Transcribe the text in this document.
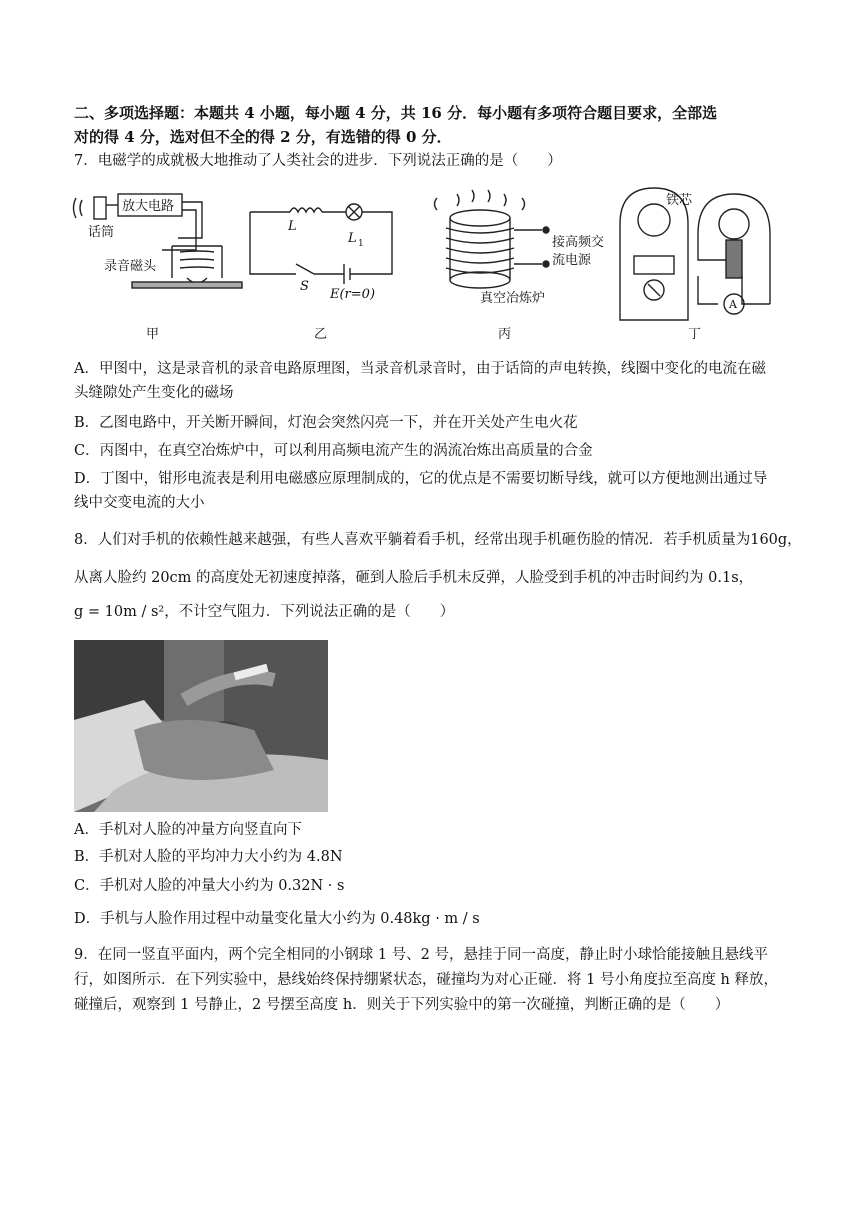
二、多项选择题：本题共 4 小题，每小题 4 分，共 16 分．每小题有多项符合题目要求，全部选
对的得 4 分，选对但不全的得 2 分，有选错的得 0 分．
7．电磁学的成就极大地推动了人类社会的进步．下列说法正确的是（　　）
放大电路
话筒
录音磁头
L
L 1
S
E(r=0)
接高频交
流电源
真空冶炼炉
铁芯
A
甲	乙	丙	丁
A．甲图中，这是录音机的录音电路原理图，当录音机录音时，由于话筒的声电转换，线圈中变化的电流在磁
头缝隙处产生变化的磁场
B．乙图电路中，开关断开瞬间，灯泡会突然闪亮一下，并在开关处产生电火花
C．丙图中，在真空冶炼炉中，可以利用高频电流产生的涡流冶炼出高质量的合金
D．丁图中，钳形电流表是利用电磁感应原理制成的，它的优点是不需要切断导线，就可以方便地测出通过导
线中交变电流的大小
8．人们对手机的依赖性越来越强，有些人喜欢平躺着看手机，经常出现手机砸伤脸的情况．若手机质量为160g，
从离人脸约 20cm 的高度处无初速度掉落，砸到人脸后手机未反弹，人脸受到手机的冲击时间约为 0.1s，
g = 10m / s²，不计空气阻力．下列说法正确的是（　　）
A．手机对人脸的冲量方向竖直向下
B．手机对人脸的平均冲力大小约为 4.8N
C．手机对人脸的冲量大小约为 0.32N · s
D．手机与人脸作用过程中动量变化量大小约为 0.48kg · m / s
9．在同一竖直平面内，两个完全相同的小钢球 1 号、2 号，悬挂于同一高度，静止时小球恰能接触且悬线平
行，如图所示．在下列实验中，悬线始终保持绷紧状态，碰撞均为对心正碰．将 1 号小角度拉至高度 h 释放，
碰撞后，观察到 1 号静止，2 号摆至高度 h．则关于下列实验中的第一次碰撞，判断正确的是（　　）
